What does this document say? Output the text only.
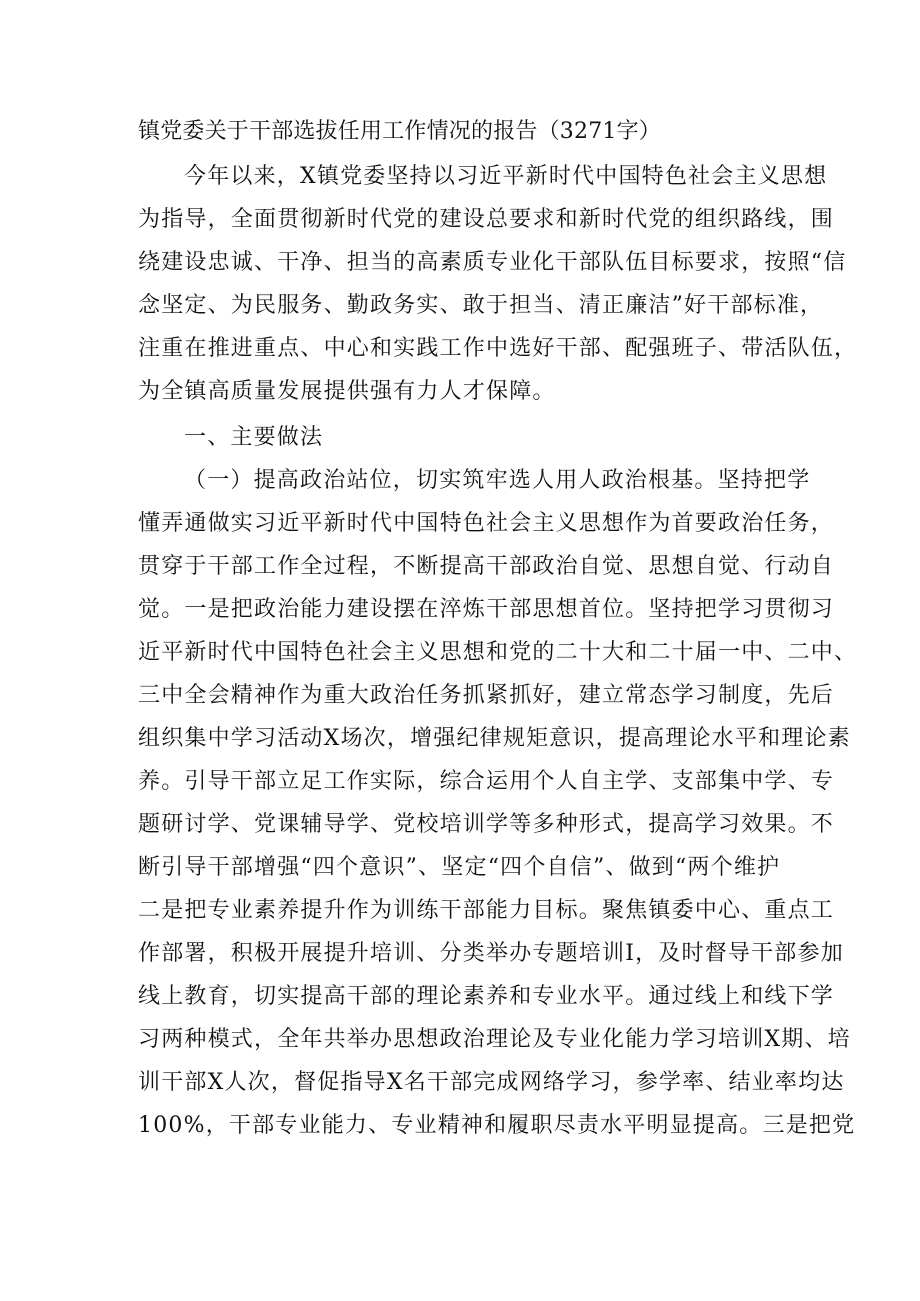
镇党委关于干部选拔任用工作情况的报告（3271字）
今年以来，X镇党委坚持以习近平新时代中国特色社会主义思想
为指导，全面贯彻新时代党的建设总要求和新时代党的组织路线，围
绕建设忠诚、干净、担当的高素质专业化干部队伍目标要求，按照“信
念坚定、为民服务、勤政务实、敢于担当、清正廉洁”好干部标准，
注重在推进重点、中心和实践工作中选好干部、配强班子、带活队伍，
为全镇高质量发展提供强有力人才保障。
一、主要做法
（一）提高政治站位，切实筑牢选人用人政治根基。坚持把学
懂弄通做实习近平新时代中国特色社会主义思想作为首要政治任务，
贯穿于干部工作全过程，不断提高干部政治自觉、思想自觉、行动自
觉。一是把政治能力建设摆在淬炼干部思想首位。坚持把学习贯彻习
近平新时代中国特色社会主义思想和党的二十大和二十届一中、二中、
三中全会精神作为重大政治任务抓紧抓好，建立常态学习制度，先后
组织集中学习活动X场次，增强纪律规矩意识，提高理论水平和理论素
养。引导干部立足工作实际，综合运用个人自主学、支部集中学、专
题研讨学、党课辅导学、党校培训学等多种形式，提高学习效果。不
断引导干部增强“四个意识”、坚定“四个自信”、做到“两个维护
二是把专业素养提升作为训练干部能力目标。聚焦镇委中心、重点工
作部署，积极开展提升培训、分类举办专题培训I，及时督导干部参加
线上教育，切实提高干部的理论素养和专业水平。通过线上和线下学
习两种模式，全年共举办思想政治理论及专业化能力学习培训X期、培
训干部X人次，督促指导X名干部完成网络学习，参学率、结业率均达
100%，干部专业能力、专业精神和履职尽责水平明显提高。三是把党
